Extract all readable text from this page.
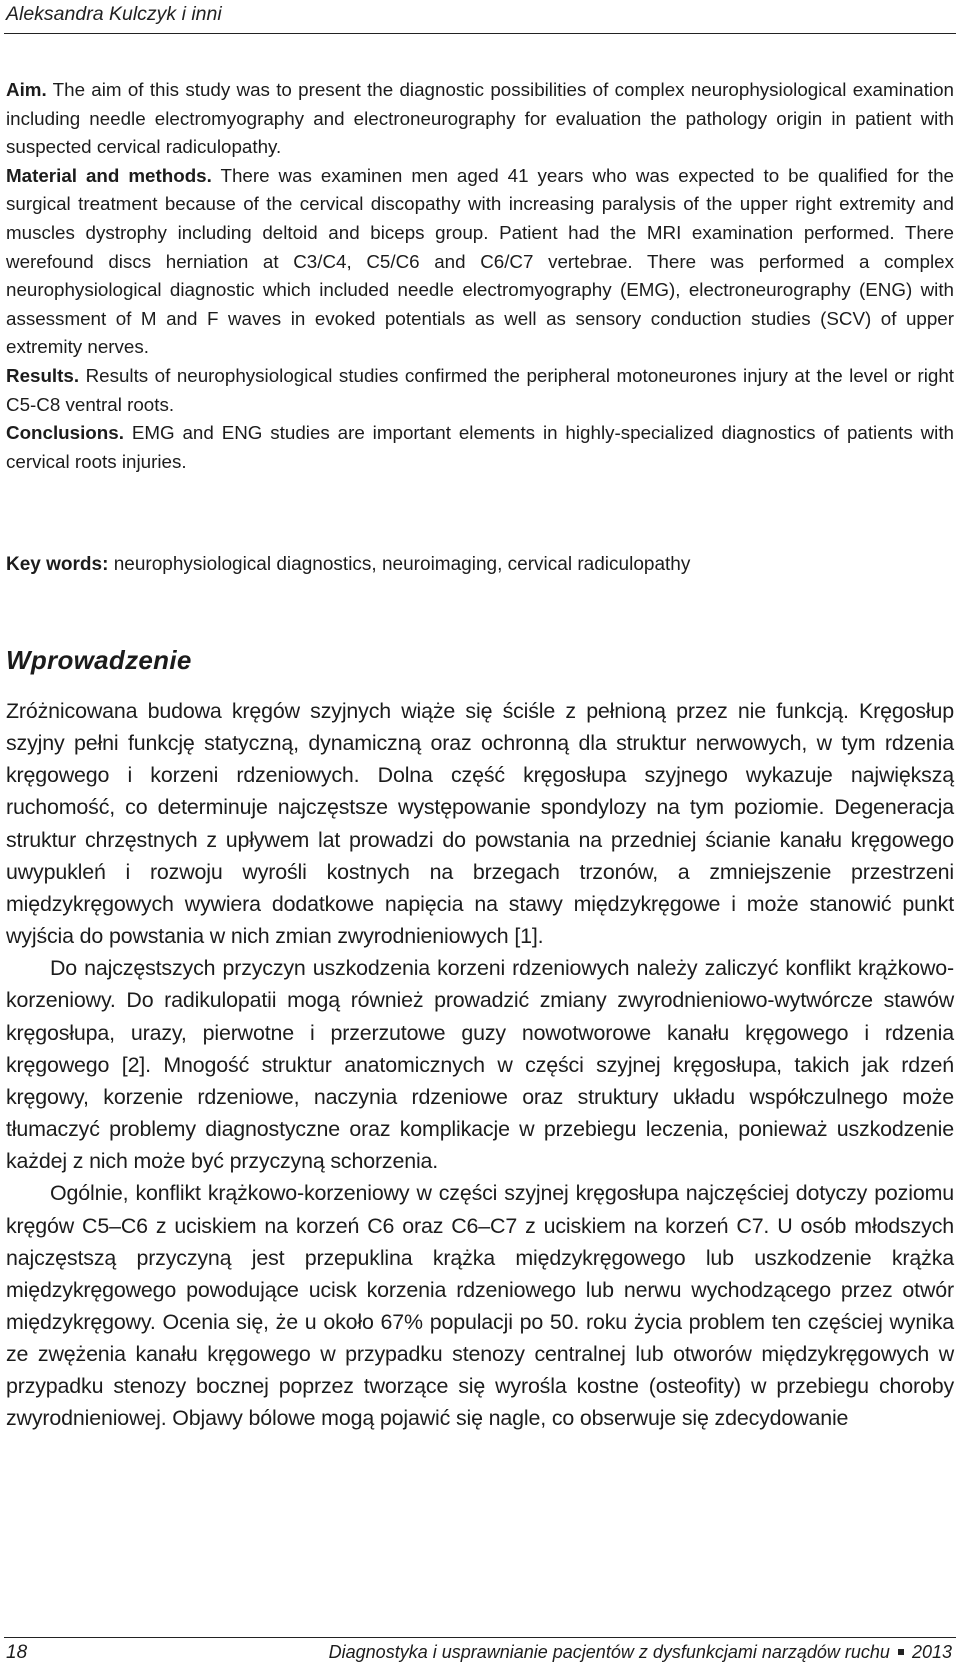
Aleksandra Kulczyk i inni

Aim. The aim of this study was to present the diagnostic possibilities of complex neurophysiological examination including needle electromyography and electroneurography for evaluation the pathology origin in patient with suspected cervical radiculopathy.

Material and methods. There was examinen men aged 41 years who was expected to be qualified for the surgical treatment because of the cervical discopathy with increasing paralysis of the upper right extremity and muscles dystrophy including deltoid and biceps group. Patient had the MRI examination performed. There werefound discs herniation at C3/C4, C5/C6 and C6/C7 vertebrae. There was performed a complex neurophysiological diagnostic which included needle electromyography (EMG), electroneurography (ENG) with assessment of M and F waves in evoked potentials as well as sensory conduction studies (SCV) of upper extremity nerves.

Results. Results of neurophysiological studies confirmed the peripheral motoneurones injury at the level or right C5-C8 ventral roots.

Conclusions. EMG and ENG studies are important elements in highly-specialized diagnostics of patients with cervical roots injuries.

Key words: neurophysiological diagnostics, neuroimaging, cervical radiculopathy
Wprowadzenie

Zróżnicowana budowa kręgów szyjnych wiąże się ściśle z pełnioną przez nie funkcją. Kręgosłup szyjny pełni funkcję statyczną, dynamiczną oraz ochronną dla struktur nerwowych, w tym rdzenia kręgowego i korzeni rdzeniowych. Dolna część kręgosłupa szyjnego wykazuje największą ruchomość, co determinuje najczęstsze występowanie spondylozy na tym poziomie. Degeneracja struktur chrzęstnych z upływem lat prowadzi do powstania na przedniej ścianie kanału kręgowego uwypukleń i rozwoju wyrośli kostnych na brzegach trzonów, a zmniejszenie przestrzeni międzykręgowych wywiera dodatkowe napięcia na stawy międzykręgowe i może stanowić punkt wyjścia do powstania w nich zmian zwyrodnieniowych [1].

Do najczęstszych przyczyn uszkodzenia korzeni rdzeniowych należy zaliczyć konflikt krążkowo-korzeniowy. Do radikulopatii mogą również prowadzić zmiany zwyrodnieniowo-wytwórcze stawów kręgosłupa, urazy, pierwotne i przerzutowe guzy nowotworowe kanału kręgowego i rdzenia kręgowego [2]. Mnogość struktur anatomicznych w części szyjnej kręgosłupa, takich jak rdzeń kręgowy, korzenie rdzeniowe, naczynia rdzeniowe oraz struktury układu współczulnego może tłumaczyć problemy diagnostyczne oraz komplikacje w przebiegu leczenia, ponieważ uszkodzenie każdej z nich może być przyczyną schorzenia.

Ogólnie, konflikt krążkowo-korzeniowy w części szyjnej kręgosłupa najczęściej dotyczy poziomu kręgów C5–C6 z uciskiem na korzeń C6 oraz C6–C7 z uciskiem na korzeń C7. U osób młodszych najczęstszą przyczyną jest przepuklina krążka międzykręgowego lub uszkodzenie krążka międzykręgowego powodujące ucisk korzenia rdzeniowego lub nerwu wychodzącego przez otwór międzykręgowy. Ocenia się, że u około 67% populacji po 50. roku życia problem ten częściej wynika ze zwężenia kanału kręgowego w przypadku stenozy centralnej lub otworów międzykręgowych w przypadku stenozy bocznej poprzez tworzące się wyrośla kostne (osteofity) w przebiegu choroby zwyrodnieniowej. Objawy bólowe mogą pojawić się nagle, co obserwuje się zdecydowanie

18	Diagnostyka i usprawnianie pacjentów z dysfunkcjami narządów ruchu 2013
